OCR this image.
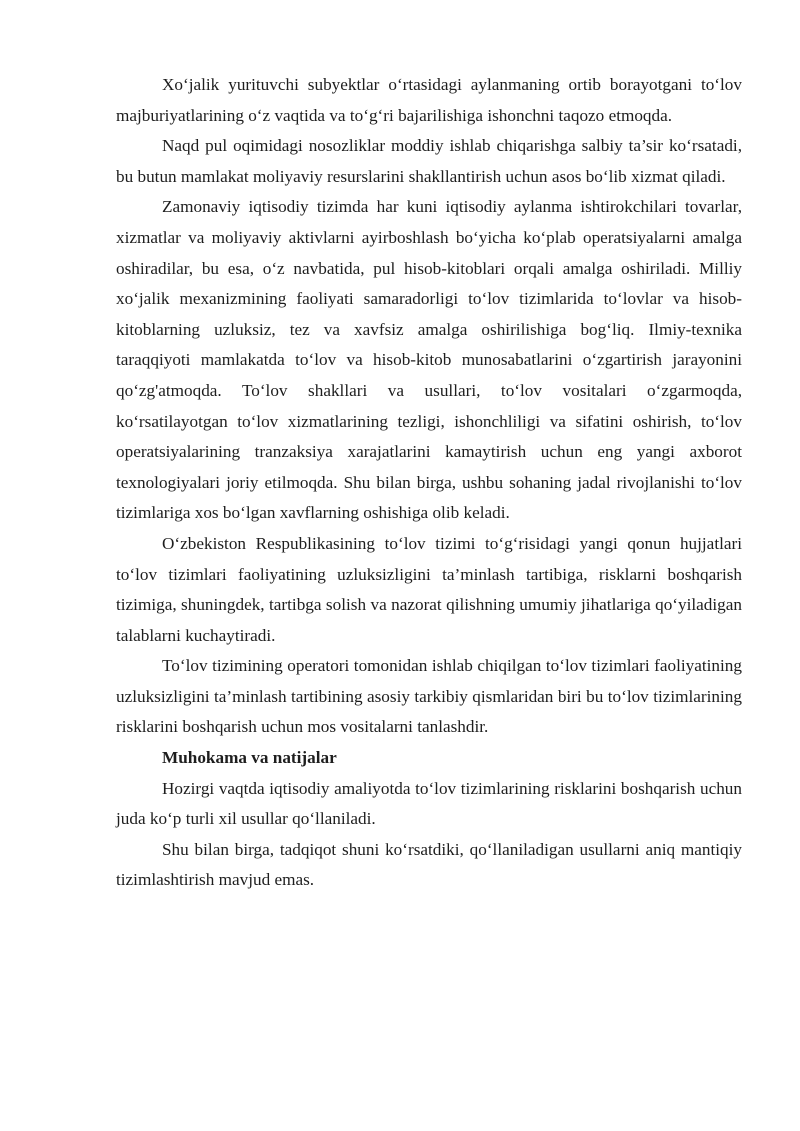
Xo‘jalik yurituvchi subyektlar o‘rtasidagi aylanmaning ortib borayotgani to‘lov majburiyatlarining o‘z vaqtida va to‘g‘ri bajarilishiga ishonchni taqozo etmoqda.

Naqd pul oqimidagi nosozliklar moddiy ishlab chiqarishga salbiy ta’sir ko‘rsatadi, bu butun mamlakat moliyaviy resurslarini shakllantirish uchun asos bo‘lib xizmat qiladi.

Zamonaviy iqtisodiy tizimda har kuni iqtisodiy aylanma ishtirokchilari tovarlar, xizmatlar va moliyaviy aktivlarni ayirboshlash bo‘yicha ko‘plab operatsiyalarni amalga oshiradilar, bu esa, o‘z navbatida, pul hisob-kitoblari orqali amalga oshiriladi. Milliy xo‘jalik mexanizmining faoliyati samaradorligi to‘lov tizimlarida to‘lovlar va hisob-kitoblarning uzluksiz, tez va xavfsiz amalga oshirilishiga bog‘liq. Ilmiy-texnika taraqqiyoti mamlakatda to‘lov va hisob-kitob munosabatlarini o‘zgartirish jarayonini qo‘zg'atmoqda. To‘lov shakllari va usullari, to‘lov vositalari o‘zgarmoqda, ko‘rsatilayotgan to‘lov xizmatlarining tezligi, ishonchliligi va sifatini oshirish, to‘lov operatsiyalarining tranzaksiya xarajatlarini kamaytirish uchun eng yangi axborot texnologiyalari joriy etilmoqda. Shu bilan birga, ushbu sohaning jadal rivojlanishi to‘lov tizimlariga xos bo‘lgan xavflarning oshishiga olib keladi.

O‘zbekiston Respublikasining to‘lov tizimi to‘g‘risidagi yangi qonun hujjatlari to‘lov tizimlari faoliyatining uzluksizligini ta’minlash tartibiga, risklarni boshqarish tizimiga, shuningdek, tartibga solish va nazorat qilishning umumiy jihatlariga qo‘yiladigan talablarni kuchaytiradi.

To‘lov tizimining operatori tomonidan ishlab chiqilgan to‘lov tizimlari faoliyatining uzluksizligini ta’minlash tartibining asosiy tarkibiy qismlaridan biri bu to‘lov tizimlarining risklarini boshqarish uchun mos vositalarni tanlashdir.

Muhokama va natijalar

Hozirgi vaqtda iqtisodiy amaliyotda to‘lov tizimlarining risklarini boshqarish uchun juda ko‘p turli xil usullar qo‘llaniladi.

Shu bilan birga, tadqiqot shuni ko‘rsatdiki, qo‘llaniladigan usullarni aniq mantiqiy tizimlashtirish mavjud emas.
